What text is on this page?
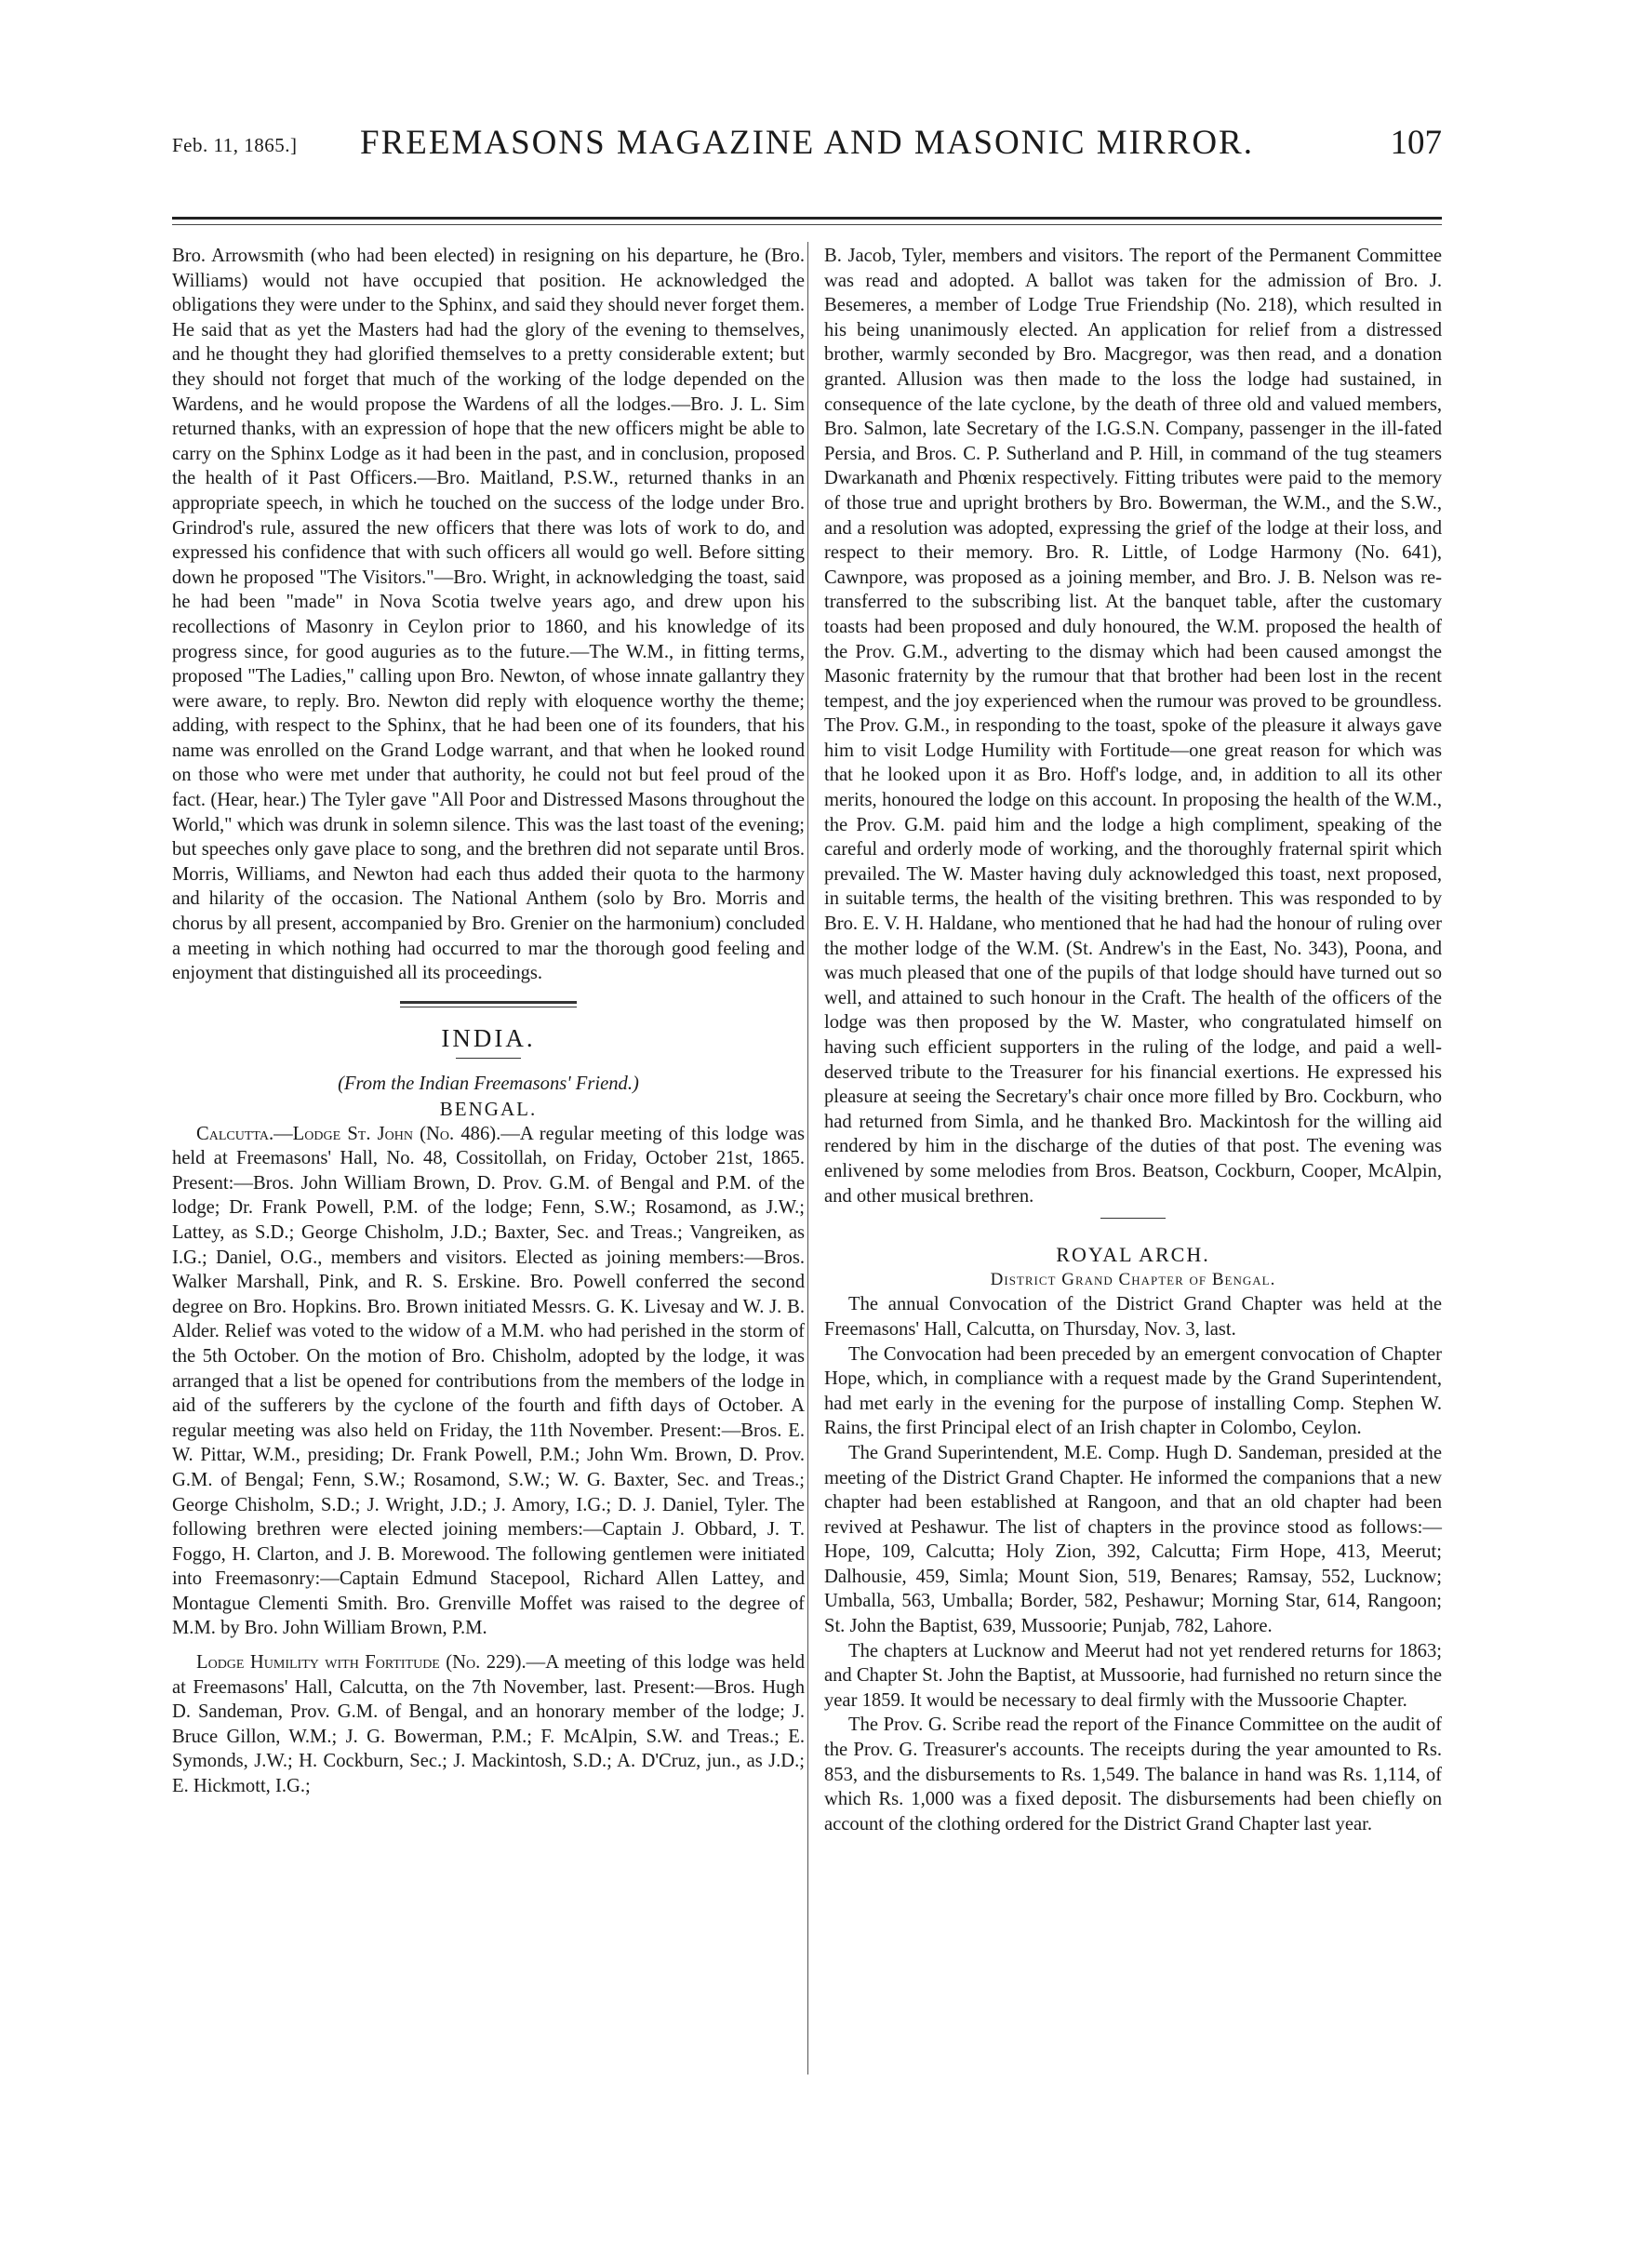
Feb. 11, 1865.]	FREEMASONS MAGAZINE AND MASONIC MIRROR.	107

Bro. Arrowsmith (who had been elected) in resigning on his departure, he (Bro. Williams) would not have occupied that position. He acknowledged the obligations they were under to the Sphinx, and said they should never forget them. He said that as yet the Masters had had the glory of the evening to themselves, and he thought they had glorified themselves to a pretty considerable extent; but they should not forget that much of the working of the lodge depended on the Wardens, and he would propose the Wardens of all the lodges.—Bro. J. L. Sim returned thanks, with an expression of hope that the new officers might be able to carry on the Sphinx Lodge as it had been in the past, and in conclusion, proposed the health of it Past Officers.—Bro. Maitland, P.S.W., returned thanks in an appropriate speech, in which he touched on the success of the lodge under Bro. Grindrod's rule, assured the new officers that there was lots of work to do, and expressed his confidence that with such officers all would go well. Before sitting down he proposed "The Visitors."—Bro. Wright, in acknowledging the toast, said he had been "made" in Nova Scotia twelve years ago, and drew upon his recollections of Masonry in Ceylon prior to 1860, and his knowledge of its progress since, for good auguries as to the future.—The W.M., in fitting terms, proposed "The Ladies," calling upon Bro. Newton, of whose innate gallantry they were aware, to reply. Bro. Newton did reply with eloquence worthy the theme; adding, with respect to the Sphinx, that he had been one of its founders, that his name was enrolled on the Grand Lodge warrant, and that when he looked round on those who were met under that authority, he could not but feel proud of the fact. (Hear, hear.) The Tyler gave "All Poor and Distressed Masons throughout the World," which was drunk in solemn silence. This was the last toast of the evening; but speeches only gave place to song, and the brethren did not separate until Bros. Morris, Williams, and Newton had each thus added their quota to the harmony and hilarity of the occasion. The National Anthem (solo by Bro. Morris and chorus by all present, accompanied by Bro. Grenier on the harmonium) concluded a meeting in which nothing had occurred to mar the thorough good feeling and enjoyment that distinguished all its proceedings.

INDIA.
(From the Indian Freemasons' Friend.)
BENGAL.

Calcutta.—Lodge St. John (No. 486).—A regular meeting of this lodge was held at Freemasons' Hall, No. 48, Cossitollah, on Friday, October 21st, 1865. Present:—Bros. John William Brown, D. Prov. G.M. of Bengal and P.M. of the lodge; Dr. Frank Powell, P.M. of the lodge; Fenn, S.W.; Rosamond, as J.W.; Lattey, as S.D.; George Chisholm, J.D.; Baxter, Sec. and Treas.; Vangreiken, as I.G.; Daniel, O.G., members and visitors. Elected as joining members:—Bros. Walker Marshall, Pink, and R. S. Erskine. Bro. Powell conferred the second degree on Bro. Hopkins. Bro. Brown initiated Messrs. G. K. Livesay and W. J. B. Alder. Relief was voted to the widow of a M.M. who had perished in the storm of the 5th October. On the motion of Bro. Chisholm, adopted by the lodge, it was arranged that a list be opened for contributions from the members of the lodge in aid of the sufferers by the cyclone of the fourth and fifth days of October. A regular meeting was also held on Friday, the 11th November. Present:—Bros. E. W. Pittar, W.M., presiding; Dr. Frank Powell, P.M.; John Wm. Brown, D. Prov. G.M. of Bengal; Fenn, S.W.; Rosamond, S.W.; W. G. Baxter, Sec. and Treas.; George Chisholm, S.D.; J. Wright, J.D.; J. Amory, I.G.; D. J. Daniel, Tyler. The following brethren were elected joining members:—Captain J. Obbard, J. T. Foggo, H. Clarton, and J. B. Morewood. The following gentlemen were initiated into Freemasonry:—Captain Edmund Stacepool, Richard Allen Lattey, and Montague Clementi Smith. Bro. Grenville Moffet was raised to the degree of M.M. by Bro. John William Brown, P.M.

Lodge Humility with Fortitude (No. 229).—A meeting of this lodge was held at Freemasons' Hall, Calcutta, on the 7th November, last. Present:—Bros. Hugh D. Sandeman, Prov. G.M. of Bengal, and an honorary member of the lodge; J. Bruce Gillon, W.M.; J. G. Bowerman, P.M.; F. McAlpin, S.W. and Treas.; E. Symonds, J.W.; H. Cockburn, Sec.; J. Mackintosh, S.D.; A. D'Cruz, jun., as J.D.; E. Hickmott, I.G.;

B. Jacob, Tyler, members and visitors. The report of the Permanent Committee was read and adopted. A ballot was taken for the admission of Bro. J. Besemeres, a member of Lodge True Friendship (No. 218), which resulted in his being unanimously elected. An application for relief from a distressed brother, warmly seconded by Bro. Macgregor, was then read, and a donation granted. Allusion was then made to the loss the lodge had sustained, in consequence of the late cyclone, by the death of three old and valued members, Bro. Salmon, late Secretary of the I.G.S.N. Company, passenger in the ill-fated Persia, and Bros. C. P. Sutherland and P. Hill, in command of the tug steamers Dwarkanath and Phœnix respectively. Fitting tributes were paid to the memory of those true and upright brothers by Bro. Bowerman, the W.M., and the S.W., and a resolution was adopted, expressing the grief of the lodge at their loss, and respect to their memory. Bro. R. Little, of Lodge Harmony (No. 641), Cawnpore, was proposed as a joining member, and Bro. J. B. Nelson was re-transferred to the subscribing list. At the banquet table, after the customary toasts had been proposed and duly honoured, the W.M. proposed the health of the Prov. G.M., adverting to the dismay which had been caused amongst the Masonic fraternity by the rumour that that brother had been lost in the recent tempest, and the joy experienced when the rumour was proved to be groundless. The Prov. G.M., in responding to the toast, spoke of the pleasure it always gave him to visit Lodge Humility with Fortitude—one great reason for which was that he looked upon it as Bro. Hoff's lodge, and, in addition to all its other merits, honoured the lodge on this account. In proposing the health of the W.M., the Prov. G.M. paid him and the lodge a high compliment, speaking of the careful and orderly mode of working, and the thoroughly fraternal spirit which prevailed. The W. Master having duly acknowledged this toast, next proposed, in suitable terms, the health of the visiting brethren. This was responded to by Bro. E. V. H. Haldane, who mentioned that he had had the honour of ruling over the mother lodge of the W.M. (St. Andrew's in the East, No. 343), Poona, and was much pleased that one of the pupils of that lodge should have turned out so well, and attained to such honour in the Craft. The health of the officers of the lodge was then proposed by the W. Master, who congratulated himself on having such efficient supporters in the ruling of the lodge, and paid a well-deserved tribute to the Treasurer for his financial exertions. He expressed his pleasure at seeing the Secretary's chair once more filled by Bro. Cockburn, who had returned from Simla, and he thanked Bro. Mackintosh for the willing aid rendered by him in the discharge of the duties of that post. The evening was enlivened by some melodies from Bros. Beatson, Cockburn, Cooper, McAlpin, and other musical brethren.

ROYAL ARCH.
District Grand Chapter of Bengal.

The annual Convocation of the District Grand Chapter was held at the Freemasons' Hall, Calcutta, on Thursday, Nov. 3, last.

The Convocation had been preceded by an emergent convocation of Chapter Hope, which, in compliance with a request made by the Grand Superintendent, had met early in the evening for the purpose of installing Comp. Stephen W. Rains, the first Principal elect of an Irish chapter in Colombo, Ceylon.

The Grand Superintendent, M.E. Comp. Hugh D. Sandeman, presided at the meeting of the District Grand Chapter. He informed the companions that a new chapter had been established at Rangoon, and that an old chapter had been revived at Peshawur. The list of chapters in the province stood as follows:—Hope, 109, Calcutta; Holy Zion, 392, Calcutta; Firm Hope, 413, Meerut; Dalhousie, 459, Simla; Mount Sion, 519, Benares; Ramsay, 552, Lucknow; Umballa, 563, Umballa; Border, 582, Peshawur; Morning Star, 614, Rangoon; St. John the Baptist, 639, Mussoorie; Punjab, 782, Lahore.

The chapters at Lucknow and Meerut had not yet rendered returns for 1863; and Chapter St. John the Baptist, at Mussoorie, had furnished no return since the year 1859. It would be necessary to deal firmly with the Mussoorie Chapter.

The Prov. G. Scribe read the report of the Finance Committee on the audit of the Prov. G. Treasurer's accounts. The receipts during the year amounted to Rs. 853, and the disbursements to Rs. 1,549. The balance in hand was Rs. 1,114, of which Rs. 1,000 was a fixed deposit. The disbursements had been chiefly on account of the clothing ordered for the District Grand Chapter last year.
